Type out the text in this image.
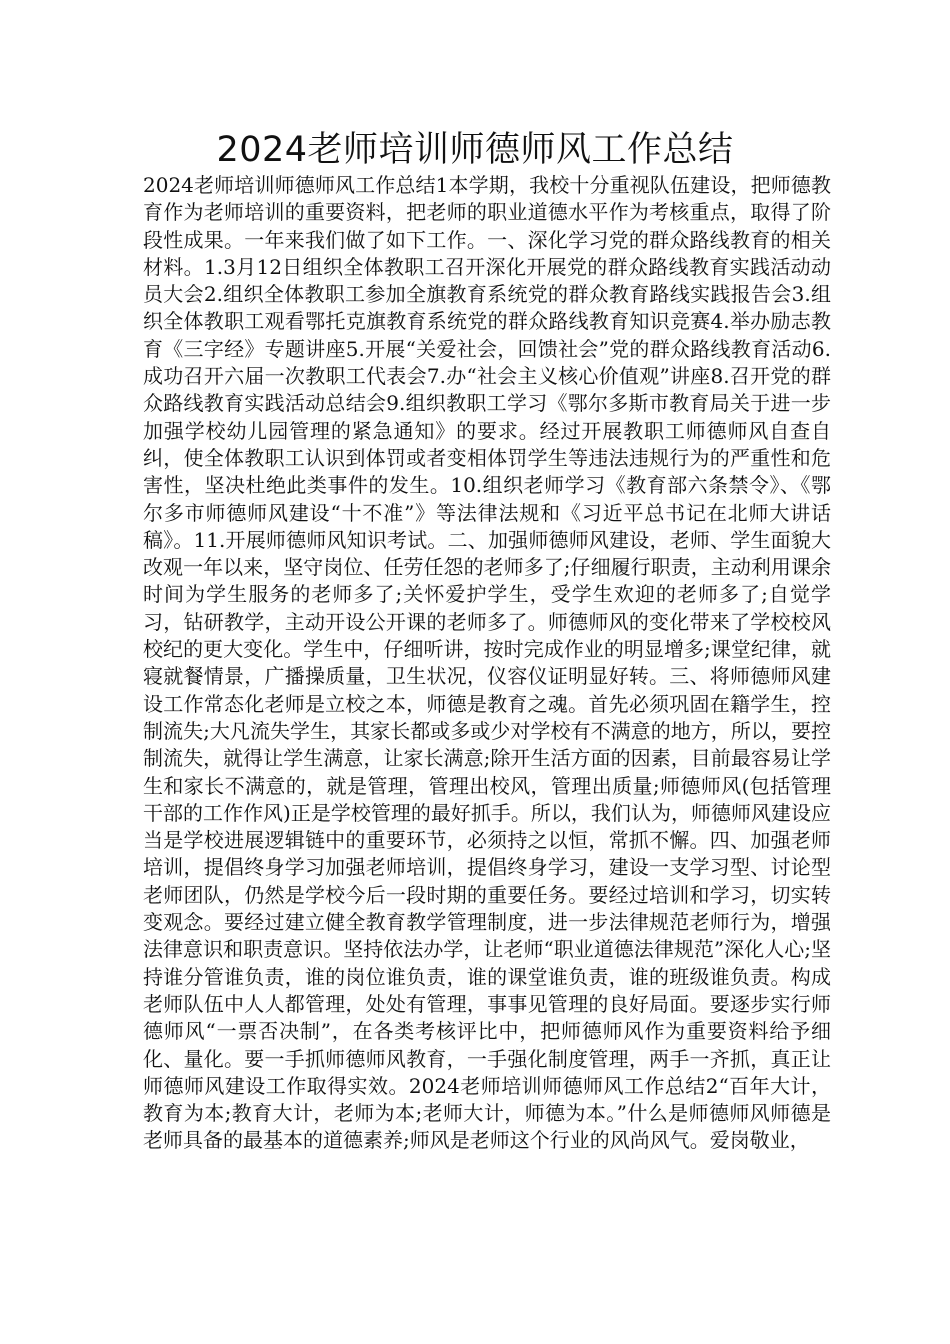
2024老师培训师德师风工作总结

2024老师培训师德师风工作总结1本学期，我校十分重视队伍建设，把师德教育作为老师培训的重要资料，把老师的职业道德水平作为考核重点，取得了阶段性成果。一年来我们做了如下工作。一、深化学习党的群众路线教育的相关材料。1.3月12日组织全体教职工召开深化开展党的群众路线教育实践活动动员大会2.组织全体教职工参加全旗教育系统党的群众教育路线实践报告会3.组织全体教职工观看鄂托克旗教育系统党的群众路线教育知识竞赛4.举办励志教育《三字经》专题讲座5.开展“关爱社会，回馈社会”党的群众路线教育活动6.成功召开六届一次教职工代表会7.办“社会主义核心价值观”讲座8.召开党的群众路线教育实践活动总结会9.组织教职工学习《鄂尔多斯市教育局关于进一步加强学校幼儿园管理的紧急通知》的要求。经过开展教职工师德师风自查自纠，使全体教职工认识到体罚或者变相体罚学生等违法违规行为的严重性和危害性，坚决杜绝此类事件的发生。10.组织老师学习《教育部六条禁令》、《鄂尔多市师德师风建设“十不准”》等法律法规和《习近平总书记在北师大讲话稿》。11.开展师德师风知识考试。二、加强师德师风建设，老师、学生面貌大改观一年以来，坚守岗位、任劳任怨的老师多了;仔细履行职责，主动利用课余时间为学生服务的老师多了;关怀爱护学生，受学生欢迎的老师多了;自觉学习，钻研教学，主动开设公开课的老师多了。师德师风的变化带来了学校校风校纪的更大变化。学生中，仔细听讲，按时完成作业的明显增多;课堂纪律，就寝就餐情景，广播操质量，卫生状况，仪容仪证明显好转。三、将师德师风建设工作常态化老师是立校之本，师德是教育之魂。首先必须巩固在籍学生，控制流失;大凡流失学生，其家长都或多或少对学校有不满意的地方，所以，要控制流失，就得让学生满意，让家长满意;除开生活方面的因素，目前最容易让学生和家长不满意的，就是管理，管理出校风，管理出质量;师德师风(包括管理干部的工作作风)正是学校管理的最好抓手。所以，我们认为，师德师风建设应当是学校进展逻辑链中的重要环节，必须持之以恒，常抓不懈。四、加强老师培训，提倡终身学习加强老师培训，提倡终身学习，建设一支学习型、讨论型老师团队，仍然是学校今后一段时期的重要任务。要经过培训和学习，切实转变观念。要经过建立健全教育教学管理制度，进一步法律规范老师行为，增强法律意识和职责意识。坚持依法办学，让老师“职业道德法律规范”深化人心;坚持谁分管谁负责，谁的岗位谁负责，谁的课堂谁负责，谁的班级谁负责。构成老师队伍中人人都管理，处处有管理，事事见管理的良好局面。要逐步实行师德师风“一票否决制”，在各类考核评比中，把师德师风作为重要资料给予细化、量化。要一手抓师德师风教育，一手强化制度管理，两手一齐抓，真正让师德师风建设工作取得实效。2024老师培训师德师风工作总结2“百年大计，教育为本;教育大计，老师为本;老师大计，师德为本。”什么是师德师风师德是老师具备的最基本的道德素养;师风是老师这个行业的风尚风气。爱岗敬业，
